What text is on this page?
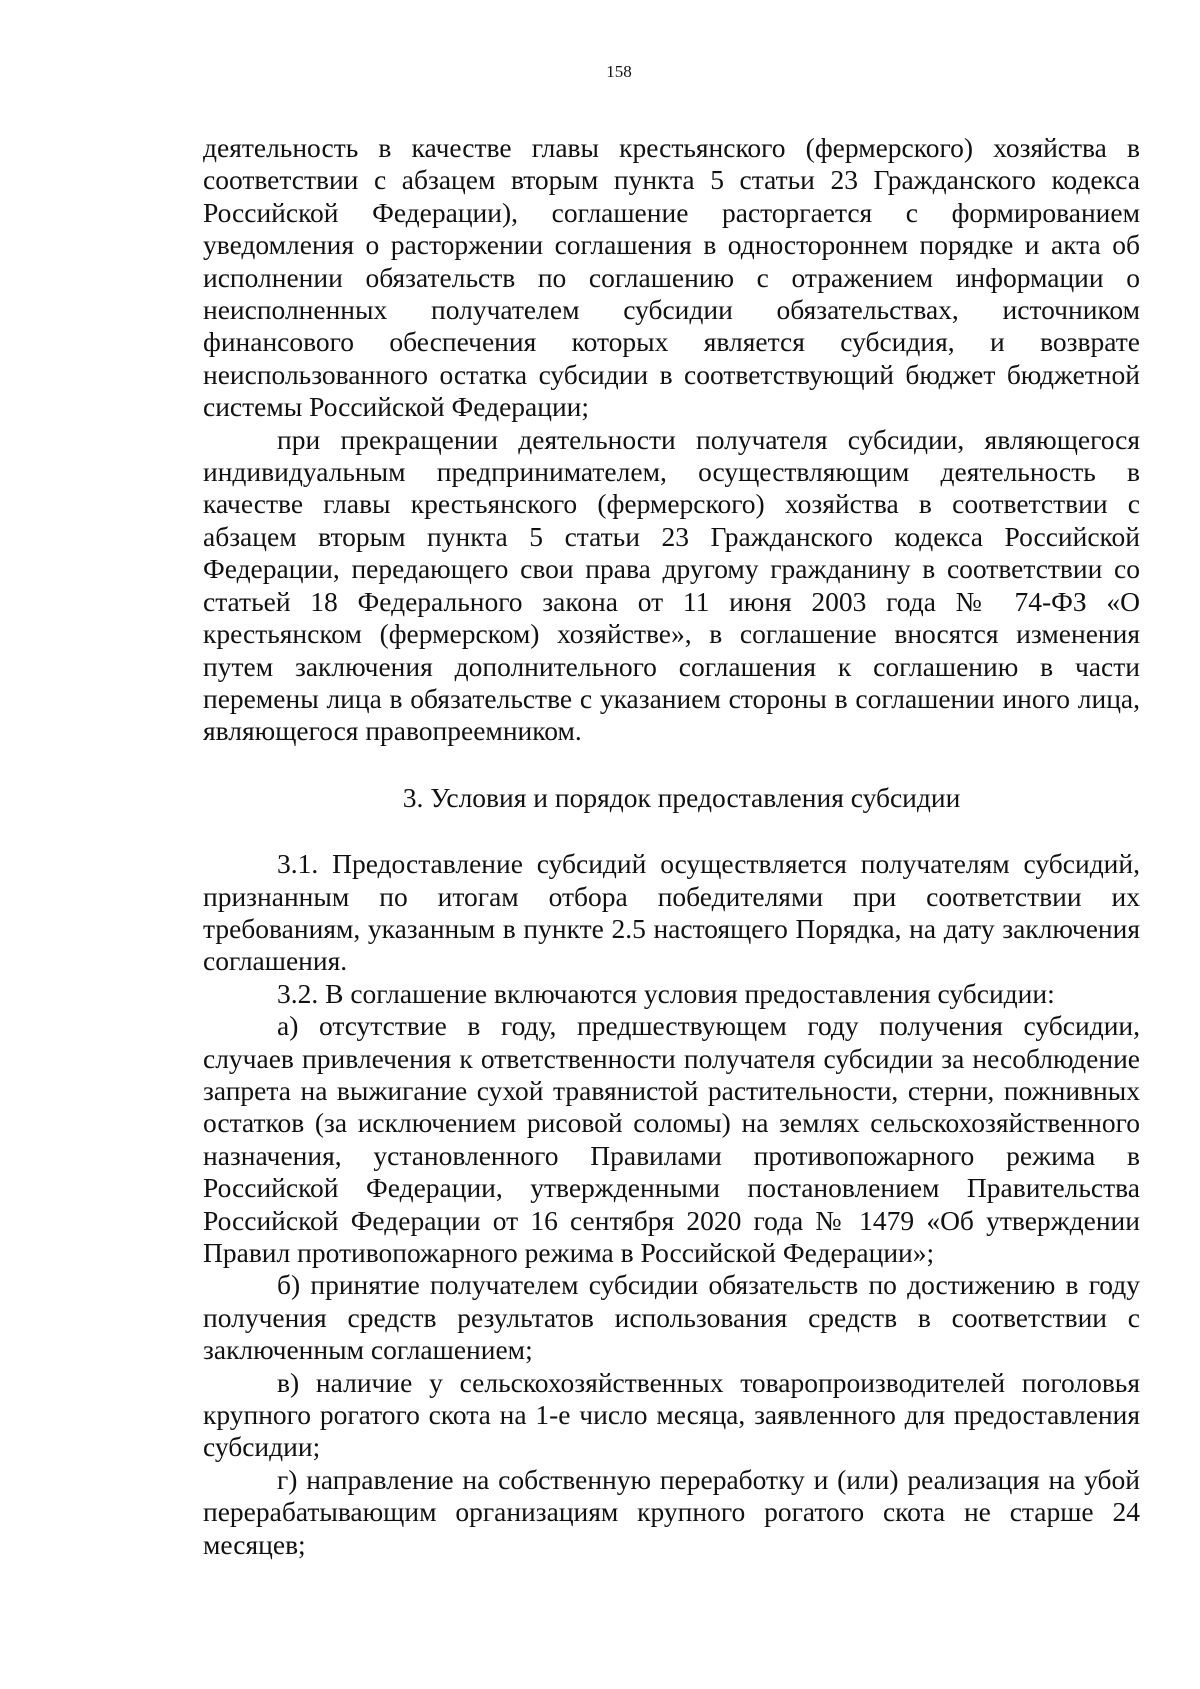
158

деятельность в качестве главы крестьянского (фермерского) хозяйства в соответствии с абзацем вторым пункта 5 статьи 23 Гражданского кодекса Российской Федерации), соглашение расторгается с формированием уведомления о расторжении соглашения в одностороннем порядке и акта об исполнении обязательств по соглашению с отражением информации о неисполненных получателем субсидии обязательствах, источником финансового обеспечения которых является субсидия, и возврате неиспользованного остатка субсидии в соответствующий бюджет бюджетной системы Российской Федерации;

при прекращении деятельности получателя субсидии, являющегося индивидуальным предпринимателем, осуществляющим деятельность в качестве главы крестьянского (фермерского) хозяйства в соответствии с абзацем вторым пункта 5 статьи 23 Гражданского кодекса Российской Федерации, передающего свои права другому гражданину в соответствии со статьей 18 Федерального закона от 11 июня 2003 года № 74-ФЗ «О крестьянском (фермерском) хозяйстве», в соглашение вносятся изменения путем заключения дополнительного соглашения к соглашению в части перемены лица в обязательстве с указанием стороны в соглашении иного лица, являющегося правопреемником.

3. Условия и порядок предоставления субсидии

3.1. Предоставление субсидий осуществляется получателям субсидий, признанным по итогам отбора победителями при соответствии их требованиям, указанным в пункте 2.5 настоящего Порядка, на дату заключения соглашения.

3.2. В соглашение включаются условия предоставления субсидии:

а) отсутствие в году, предшествующем году получения субсидии, случаев привлечения к ответственности получателя субсидии за несоблюдение запрета на выжигание сухой травянистой растительности, стерни, пожнивных остатков (за исключением рисовой соломы) на землях сельскохозяйственного назначения, установленного Правилами противопожарного режима в Российской Федерации, утвержденными постановлением Правительства Российской Федерации от 16 сентября 2020 года № 1479 «Об утверждении Правил противопожарного режима в Российской Федерации»;

б) принятие получателем субсидии обязательств по достижению в году получения средств результатов использования средств в соответствии с заключенным соглашением;

в) наличие у сельскохозяйственных товаропроизводителей поголовья крупного рогатого скота на 1-е число месяца, заявленного для предоставления субсидии;

г) направление на собственную переработку и (или) реализация на убой перерабатывающим организациям крупного рогатого скота не старше 24 месяцев;
